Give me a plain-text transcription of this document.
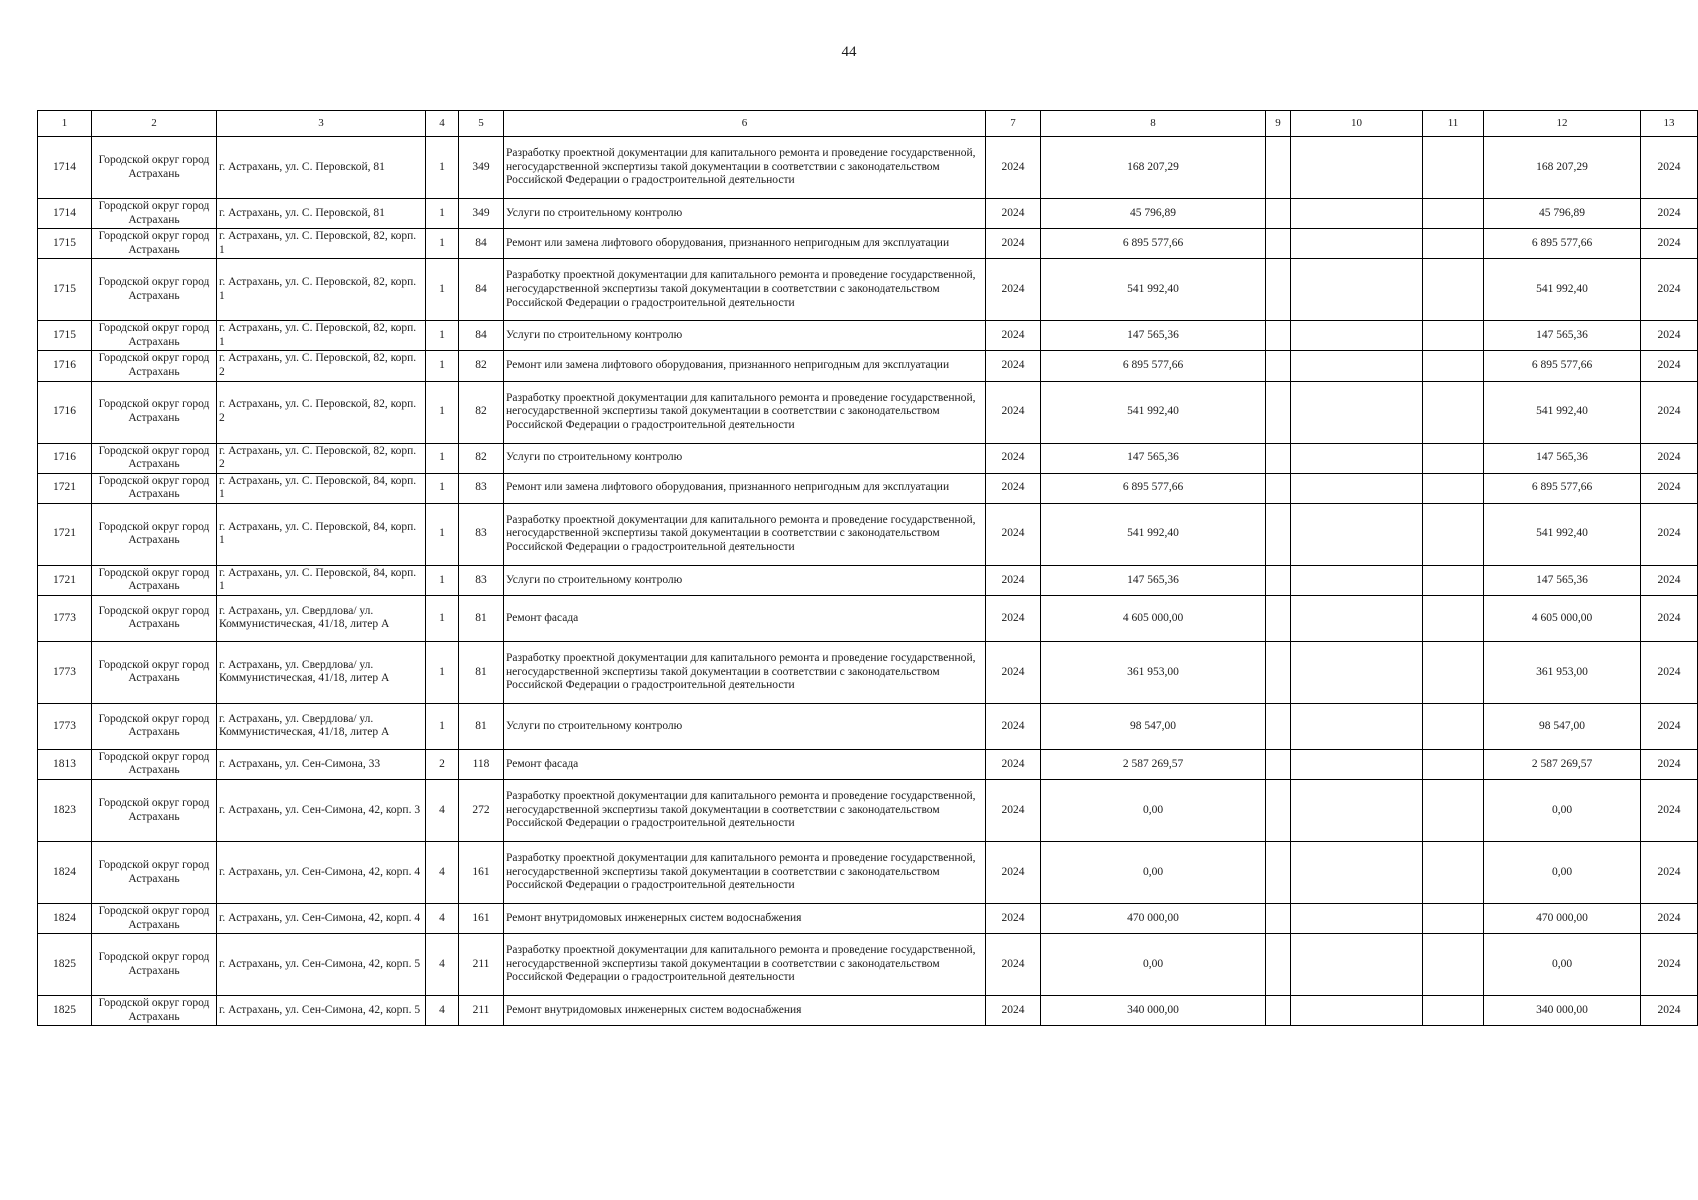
44
1	2	3	4	5	6	7	8	9	10	11	12	13
1714	Городской округ город Астрахань	г. Астрахань, ул. С. Перовской, 81	1	349	Разработку проектной документации для капитального ремонта и проведение государственной, негосударственной экспертизы такой документации в соответствии с законодательством Российской Федерации о градостроительной деятельности	2024	168 207,29				168 207,29	2024
1714	Городской округ город Астрахань	г. Астрахань, ул. С. Перовской, 81	1	349	Услуги по строительному контролю	2024	45 796,89				45 796,89	2024
1715	Городской округ город Астрахань	г. Астрахань, ул. С. Перовской, 82, корп. 1	1	84	Ремонт или замена лифтового оборудования, признанного непригодным для эксплуатации	2024	6 895 577,66				6 895 577,66	2024
1715	Городской округ город Астрахань	г. Астрахань, ул. С. Перовской, 82, корп. 1	1	84	Разработку проектной документации для капитального ремонта и проведение государственной, негосударственной экспертизы такой документации в соответствии с законодательством Российской Федерации о градостроительной деятельности	2024	541 992,40				541 992,40	2024
1715	Городской округ город Астрахань	г. Астрахань, ул. С. Перовской, 82, корп. 1	1	84	Услуги по строительному контролю	2024	147 565,36				147 565,36	2024
1716	Городской округ город Астрахань	г. Астрахань, ул. С. Перовской, 82, корп. 2	1	82	Ремонт или замена лифтового оборудования, признанного непригодным для эксплуатации	2024	6 895 577,66				6 895 577,66	2024
1716	Городской округ город Астрахань	г. Астрахань, ул. С. Перовской, 82, корп. 2	1	82	Разработку проектной документации для капитального ремонта и проведение государственной, негосударственной экспертизы такой документации в соответствии с законодательством Российской Федерации о градостроительной деятельности	2024	541 992,40				541 992,40	2024
1716	Городской округ город Астрахань	г. Астрахань, ул. С. Перовской, 82, корп. 2	1	82	Услуги по строительному контролю	2024	147 565,36				147 565,36	2024
1721	Городской округ город Астрахань	г. Астрахань, ул. С. Перовской, 84, корп. 1	1	83	Ремонт или замена лифтового оборудования, признанного непригодным для эксплуатации	2024	6 895 577,66				6 895 577,66	2024
1721	Городской округ город Астрахань	г. Астрахань, ул. С. Перовской, 84, корп. 1	1	83	Разработку проектной документации для капитального ремонта и проведение государственной, негосударственной экспертизы такой документации в соответствии с законодательством Российской Федерации о градостроительной деятельности	2024	541 992,40				541 992,40	2024
1721	Городской округ город Астрахань	г. Астрахань, ул. С. Перовской, 84, корп. 1	1	83	Услуги по строительному контролю	2024	147 565,36				147 565,36	2024
1773	Городской округ город Астрахань	г. Астрахань, ул. Свердлова/ ул. Коммунистическая, 41/18, литер А	1	81	Ремонт фасада	2024	4 605 000,00				4 605 000,00	2024
1773	Городской округ город Астрахань	г. Астрахань, ул. Свердлова/ ул. Коммунистическая, 41/18, литер А	1	81	Разработку проектной документации для капитального ремонта и проведение государственной, негосударственной экспертизы такой документации в соответствии с законодательством Российской Федерации о градостроительной деятельности	2024	361 953,00				361 953,00	2024
1773	Городской округ город Астрахань	г. Астрахань, ул. Свердлова/ ул. Коммунистическая, 41/18, литер А	1	81	Услуги по строительному контролю	2024	98 547,00				98 547,00	2024
1813	Городской округ город Астрахань	г. Астрахань, ул. Сен-Симона, 33	2	118	Ремонт фасада	2024	2 587 269,57				2 587 269,57	2024
1823	Городской округ город Астрахань	г. Астрахань, ул. Сен-Симона, 42, корп. 3	4	272	Разработку проектной документации для капитального ремонта и проведение государственной, негосударственной экспертизы такой документации в соответствии с законодательством Российской Федерации о градостроительной деятельности	2024	0,00				0,00	2024
1824	Городской округ город Астрахань	г. Астрахань, ул. Сен-Симона, 42, корп. 4	4	161	Разработку проектной документации для капитального ремонта и проведение государственной, негосударственной экспертизы такой документации в соответствии с законодательством Российской Федерации о градостроительной деятельности	2024	0,00				0,00	2024
1824	Городской округ город Астрахань	г. Астрахань, ул. Сен-Симона, 42, корп. 4	4	161	Ремонт внутридомовых инженерных систем водоснабжения	2024	470 000,00				470 000,00	2024
1825	Городской округ город Астрахань	г. Астрахань, ул. Сен-Симона, 42, корп. 5	4	211	Разработку проектной документации для капитального ремонта и проведение государственной, негосударственной экспертизы такой документации в соответствии с законодательством Российской Федерации о градостроительной деятельности	2024	0,00				0,00	2024
1825	Городской округ город Астрахань	г. Астрахань, ул. Сен-Симона, 42, корп. 5	4	211	Ремонт внутридомовых инженерных систем водоснабжения	2024	340 000,00				340 000,00	2024
